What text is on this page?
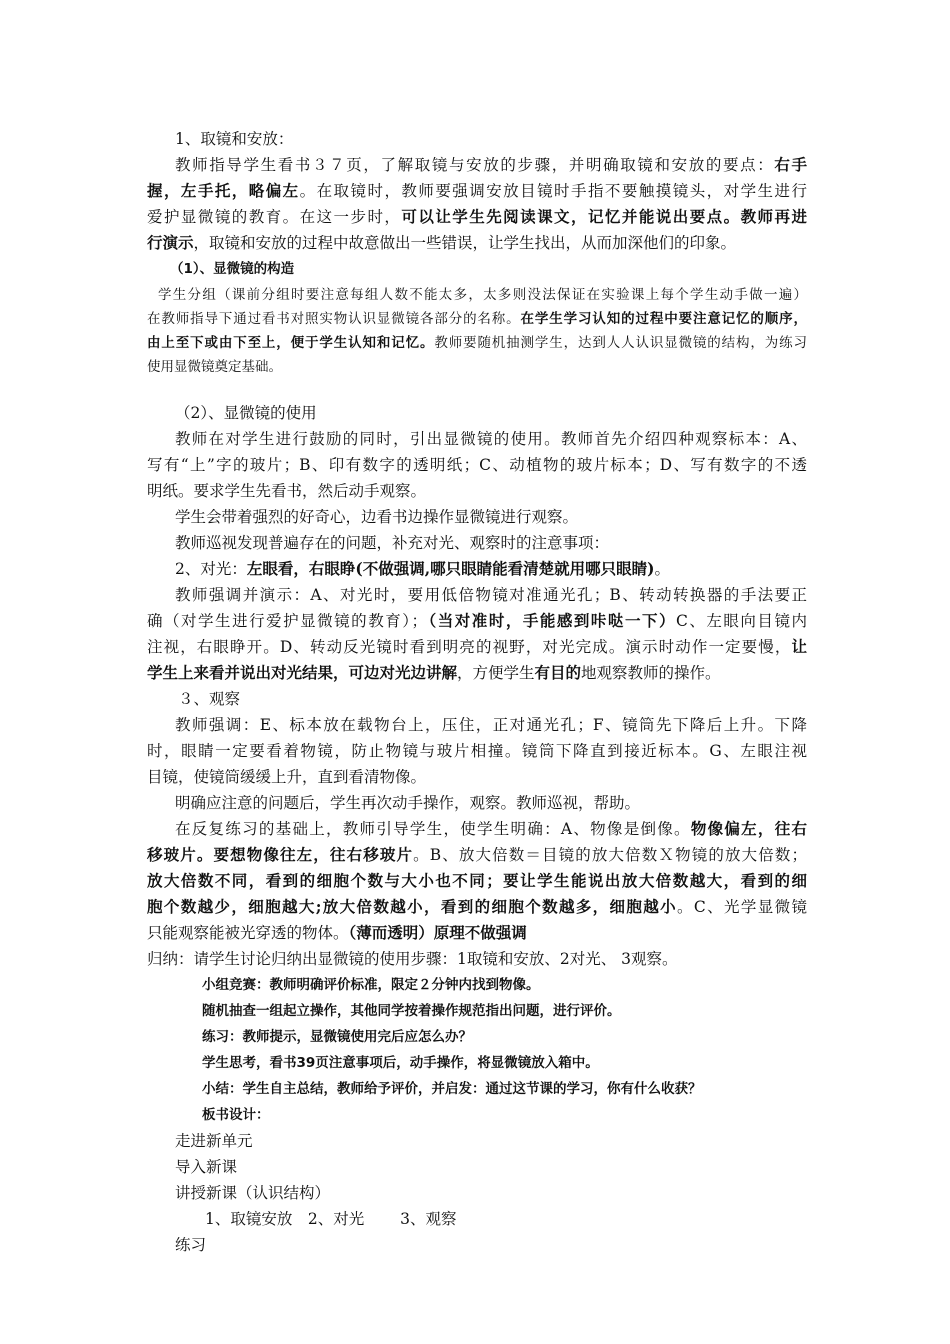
1、取镜和安放：
教师指导学生看书３７页，了解取镜与安放的步骤，并明确取镜和安放的要点：右手
握，左手托，略偏左。在取镜时，教师要强调安放目镜时手指不要触摸镜头，对学生进行
爱护显微镜的教育。在这一步时，可以让学生先阅读课文，记忆并能说出要点。教师再进
行演示，取镜和安放的过程中故意做出一些错误，让学生找出，从而加深他们的印象。
（1）、显微镜的构造
学生分组（课前分组时要注意每组人数不能太多，太多则没法保证在实验课上每个学生动手做一遍）
在教师指导下通过看书对照实物认识显微镜各部分的名称。在学生学习认知的过程中要注意记忆的顺序，
由上至下或由下至上，便于学生认知和记忆。教师要随机抽测学生，达到人人认识显微镜的结构，为练习
使用显微镜奠定基础。
（2）、显微镜的使用
教师在对学生进行鼓励的同时，引出显微镜的使用。教师首先介绍四种观察标本：A、
写有“上”字的玻片；B、印有数字的透明纸；C、动植物的玻片标本；D、写有数字的不透
明纸。要求学生先看书，然后动手观察。
学生会带着强烈的好奇心，边看书边操作显微镜进行观察。
教师巡视发现普遍存在的问题，补充对光、观察时的注意事项：
2、对光：左眼看，右眼睁(不做强调,哪只眼睛能看清楚就用哪只眼睛)。
教师强调并演示：A、对光时，要用低倍物镜对准通光孔；B、转动转换器的手法要正
确（对学生进行爱护显微镜的教育）；（当对准时，手能感到咔哒一下）C、左眼向目镜内
注视，右眼睁开。D、转动反光镜时看到明亮的视野，对光完成。演示时动作一定要慢，让
学生上来看并说出对光结果，可边对光边讲解，方便学生有目的地观察教师的操作。
３、观察
教师强调：E、标本放在载物台上，压住，正对通光孔；F、镜筒先下降后上升。下降
时，眼睛一定要看着物镜，防止物镜与玻片相撞。镜筒下降直到接近标本。G、左眼注视
目镜，使镜筒缓缓上升，直到看清物像。
明确应注意的问题后，学生再次动手操作，观察。教师巡视，帮助。
在反复练习的基础上，教师引导学生，使学生明确：A、物像是倒像。物像偏左，往右
移玻片。要想物像往左，往右移玻片。B、放大倍数＝目镜的放大倍数Ｘ物镜的放大倍数；
放大倍数不同，看到的细胞个数与大小也不同；要让学生能说出放大倍数越大，看到的细
胞个数越少，细胞越大;放大倍数越小，看到的细胞个数越多，细胞越小。C、光学显微镜
只能观察能被光穿透的物体。（薄而透明）原理不做强调
归纳：请学生讨论归纳出显微镜的使用步骤：1取镜和安放、2对光、 3观察。
小组竞赛：教师明确评价标准，限定２分钟内找到物像。
随机抽查一组起立操作，其他同学按着操作规范指出问题，进行评价。
练习：教师提示，显微镜使用完后应怎么办？
学生思考，看书39页注意事项后，动手操作，将显微镜放入箱中。
小结：学生自主总结，教师给予评价，并启发：通过这节课的学习，你有什么收获？
板书设计：
走进新单元
导入新课
讲授新课（认识结构）
1、取镜安放　2、对光　　 3、观察
练习
